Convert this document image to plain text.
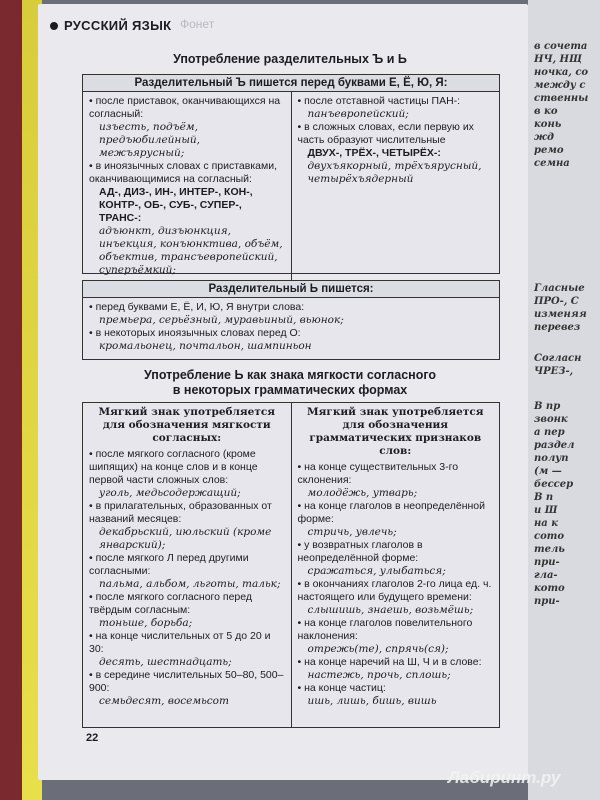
в сочета
НЧ, НЩ
ночка, со
между с
ственны
в ко
конь
жд
ремо
семна
Гласные
ПРО-, С
изменяя
перевез
Согласн
ЧРЕЗ-,
В пр
звонк
а пер
раздел
полуп
(м —
бессер
В п
и Ш
на к
сото
тель
при-
гла-
кото
при-
РУССКИЙ ЯЗЫК Фонет
Употребление разделительных Ъ и Ь
Разделительный Ъ пишется перед буквами Е, Ё, Ю, Я:
• после приставок, оканчивающихся на согласный:
изъесть, подъём, предъюбилейный, межъярусный;
• в иноязычных словах с приставками, оканчивающимися на согласный:
АД-, ДИЗ-, ИН-, ИНТЕР-, КОН-, КОНТР-, ОБ-, СУБ-, СУПЕР-, ТРАНС-:
адъюнкт, дизъюнкция, инъекция, конъюнктива, объём, объектив, трансъевропейский, суперъёмкий;
• после отставной частицы ПАН-:
панъевропейский;
• в сложных словах, если первую их часть образуют числительные
ДВУХ-, ТРЁХ-, ЧЕТЫРЁХ-:
двухъякорный, трёхъярусный, четырёхъядерный
Разделительный Ь пишется:
• перед буквами Е, Ё, И, Ю, Я внутри слова:
премьера, серьёзный, муравьиный, вьюнок;
• в некоторых иноязычных словах перед О:
кромальонец, почтальон, шампиньон
Употребление Ь как знака мягкости согласного
в некоторых грамматических формах
Мягкий знак употребляется для обозначения мягкости согласных:
• после мягкого согласного (кроме шипящих) на конце слов и в конце первой части сложных слов:
уголь, медьсодержащий;
• в прилагательных, образованных от названий месяцев:
декабрьский, июльский (кроме январский);
• после мягкого Л перед другими согласными:
пальма, альбом, льготы, тальк;
• после мягкого согласного перед твёрдым согласным:
тоньше, борьба;
• на конце числительных от 5 до 20 и 30:
десять, шестнадцать;
• в середине числительных 50–80, 500–900:
семьдесят, восемьсот
Мягкий знак употребляется для обозначения грамматических признаков слов:
• на конце существительных 3-го склонения:
молодёжь, утварь;
• на конце глаголов в неопределённой форме:
стричь, увлечь;
• у возвратных глаголов в неопределённой форме:
сражаться, улыбаться;
• в окончаниях глаголов 2-го лица ед. ч. настоящего или будущего времени:
слышишь, знаешь, возьмёшь;
• на конце глаголов повелительного наклонения:
отрежь(те), спрячь(ся);
• на конце наречий на Ш, Ч и в слове:
настежь, прочь, сплошь;
• на конце частиц:
ишь, лишь, бишь, вишь
22
Лабиринт.ру
